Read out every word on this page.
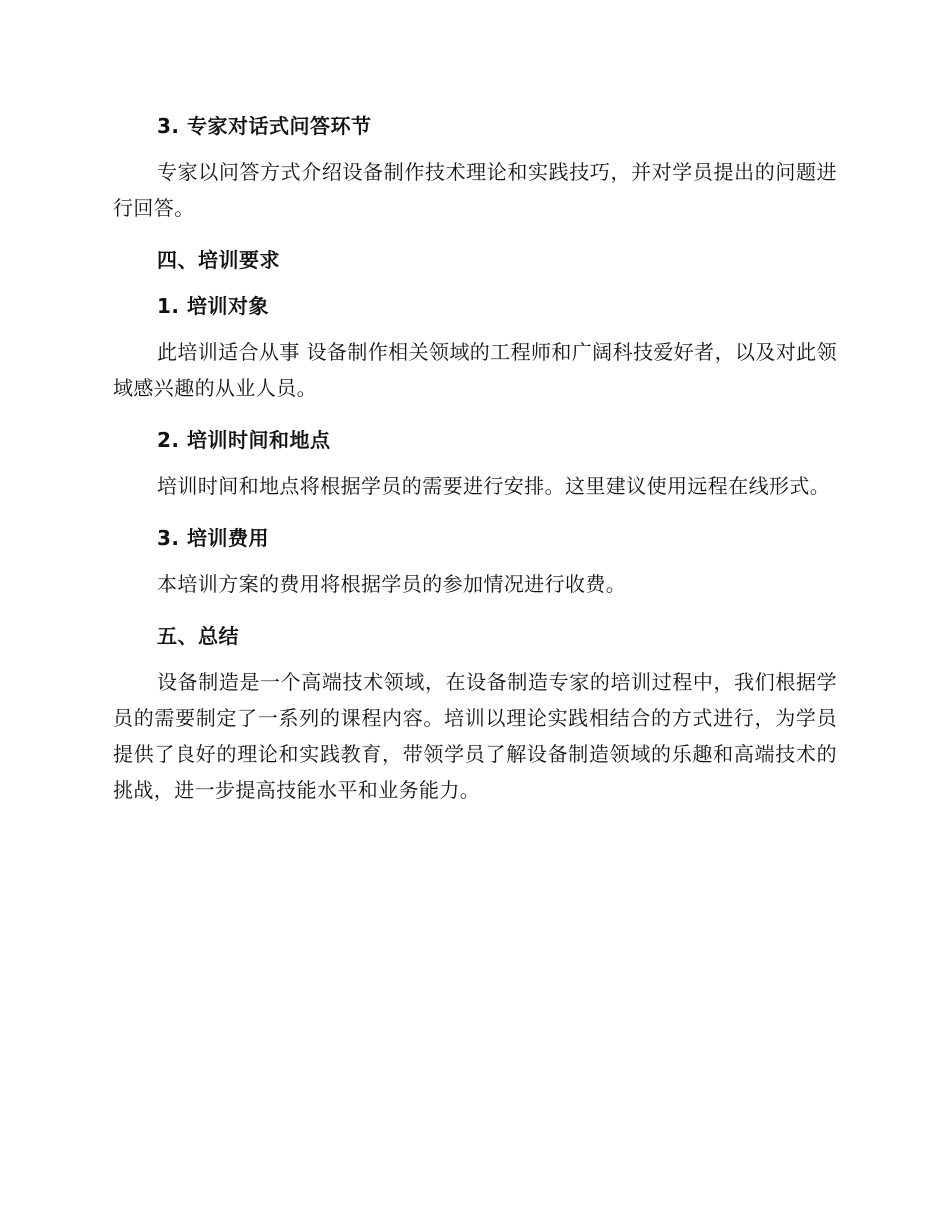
3. 专家对话式问答环节

专家以问答方式介绍设备制作技术理论和实践技巧，并对学员提出的问题进行回答。

四、培训要求

1. 培训对象

此培训适合从事 设备制作相关领域的工程师和广阔科技爱好者，以及对此领域感兴趣的从业人员。

2. 培训时间和地点

培训时间和地点将根据学员的需要进行安排。这里建议使用远程在线形式。

3. 培训费用

本培训方案的费用将根据学员的参加情况进行收费。

五、总结

设备制造是一个高端技术领域，在设备制造专家的培训过程中，我们根据学员的需要制定了一系列的课程内容。培训以理论实践相结合的方式进行，为学员提供了良好的理论和实践教育，带领学员了解设备制造领域的乐趣和高端技术的挑战，进一步提高技能水平和业务能力。
